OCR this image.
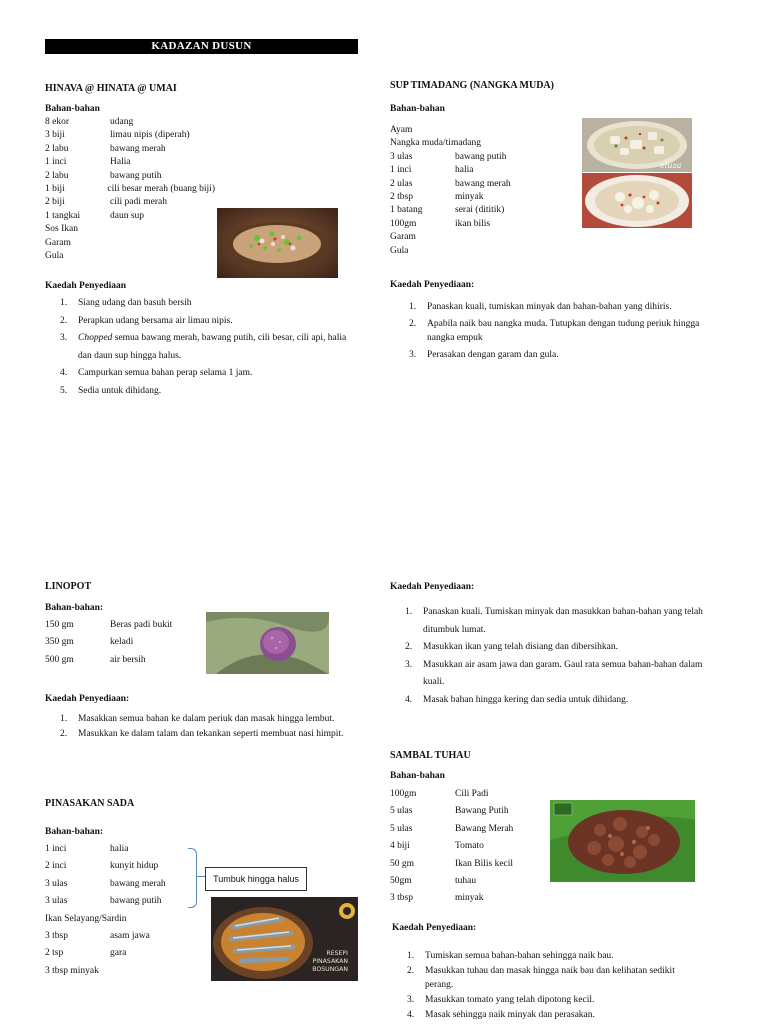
KADAZAN DUSUN
HINAVA @ HINATA @ UMAI
Bahan-bahan
8 ekor	udang
3 biji	limau nipis (diperah)
2 labu	bawang merah
1 inci	Halia
2 labu	bawang putih
1 biji	cili besar merah (buang biji)
2 biji	cili padi merah
1 tangkai	daun sup
Sos Ikan
Garam
Gula
Kaedah Penyediaan
1. Siang udang dan basuh bersih
2. Perapkan udang bersama air limau nipis.
3. Chopped semua bawang merah, bawang putih, cili besar, cili api, halia dan daun sup hingga halus.
4. Campurkan semua bahan perap selama 1 jam.
5. Sedia untuk dihidang.
SUP TIMADANG (NANGKA MUDA)
Bahan-bahan
Ayam
Nangka muda/timadang
3 ulas	bawang putih
1 inci	halia
2 ulas	bawang merah
2 tbsp	minyak
1 batang	serai (dititik)
100gm	ikan bilis
Garam
Gula
eluza
Kaedah Penyediaan:
1. Panaskan kuali, tumiskan minyak dan bahan-bahan yang dihiris.
2. Apabila naik bau nangka muda. Tutupkan dengan tudung periuk hingga nangka empuk
3. Perasakan dengan garam dan gula.
LINOPOT
Bahan-bahan:
150 gm	Beras padi bukit
350 gm	keladi
500 gm	air bersih
Kaedah Penyediaan:
1. Masakkan semua bahan ke dalam periuk dan masak hingga lembut.
2. Masukkan ke dalam talam dan tekankan seperti membuat nasi himpit.
PINASAKAN SADA
Bahan-bahan:
1 inci	halia
2 inci	kunyit hidup
3 ulas	bawang merah
3 ulas	bawang putih
Ikan Selayang/Sardin
3 tbsp	asam jawa
2 tsp	gara
3 tbsp minyak
Tumbuk hingga halus
RESEPI
PINASAKAN
BOSUNGAN
Kaedah Penyediaan:
1. Panaskan kuali. Tumiskan minyak dan masukkan bahan-bahan yang telah ditumbuk lumat.
2. Masukkan ikan yang telah disiang dan dibersihkan.
3. Masukkan air asam jawa dan garam. Gaul rata semua bahan-bahan dalam kuali.
4. Masak bahan hingga kering dan sedia untuk dihidang.
SAMBAL TUHAU
Bahan-bahan
100gm	Cili Padi
5 ulas	Bawang Putih
5 ulas	Bawang Merah
4 biji	Tomato
50 gm	Ikan Bilis kecil
50gm	tuhau
3 tbsp	minyak
Kaedah Penyediaan:
1. Tumiskan semua bahan-bahan sehingga naik bau.
2. Masukkan tuhau dan masak hingga naik bau dan kelihatan sedikit perang.
3. Masukkan tomato yang telah dipotong kecil.
4. Masak sehingga naik minyak dan perasakan.
